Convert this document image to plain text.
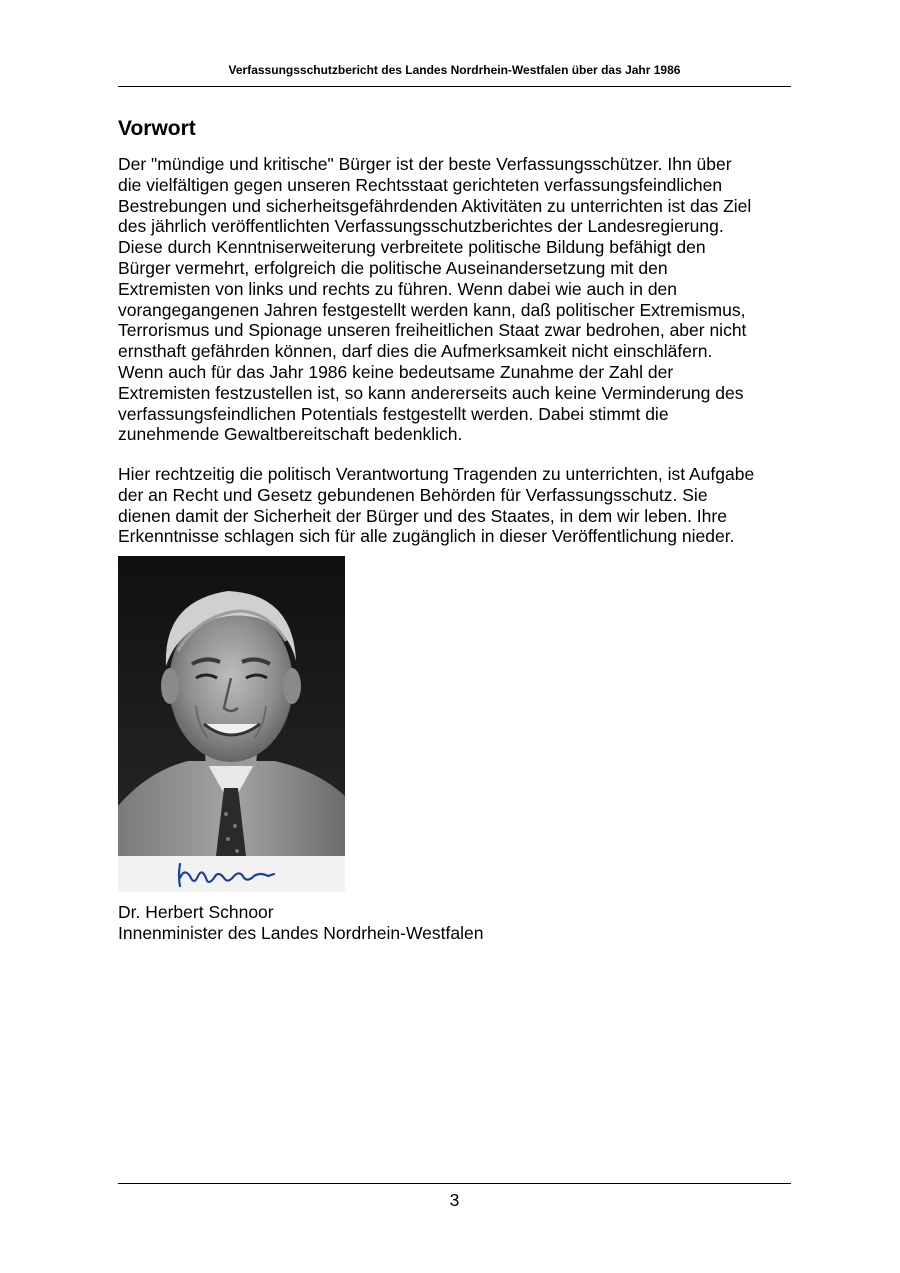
Verfassungsschutzbericht des Landes Nordrhein-Westfalen über das Jahr 1986
Vorwort

Der "mündige und kritische" Bürger ist der beste Verfassungsschützer. Ihn über
die vielfältigen gegen unseren Rechtsstaat gerichteten verfassungsfeindlichen
Bestrebungen und sicherheitsgefährdenden Aktivitäten zu unterrichten ist das Ziel
des jährlich veröffentlichten Verfassungsschutzberichtes der Landesregierung.
Diese durch Kenntniserweiterung verbreitete politische Bildung befähigt den
Bürger vermehrt, erfolgreich die politische Auseinandersetzung mit den
Extremisten von links und rechts zu führen. Wenn dabei wie auch in den
vorangegangenen Jahren festgestellt werden kann, daß politischer Extremismus,
Terrorismus und Spionage unseren freiheitlichen Staat zwar bedrohen, aber nicht
ernsthaft gefährden können, darf dies die Aufmerksamkeit nicht einschläfern.
Wenn auch für das Jahr 1986 keine bedeutsame Zunahme der Zahl der
Extremisten festzustellen ist, so kann andererseits auch keine Verminderung des
verfassungsfeindlichen Potentials festgestellt werden. Dabei stimmt die
zunehmende Gewaltbereitschaft bedenklich.

Hier rechtzeitig die politisch Verantwortung Tragenden zu unterrichten, ist Aufgabe
der an Recht und Gesetz gebundenen Behörden für Verfassungsschutz. Sie
dienen damit der Sicherheit der Bürger und des Staates, in dem wir leben. Ihre
Erkenntnisse schlagen sich für alle zugänglich in dieser Veröffentlichung nieder.

Dr. Herbert Schnoor
Innenminister des Landes Nordrhein-Westfalen
3
